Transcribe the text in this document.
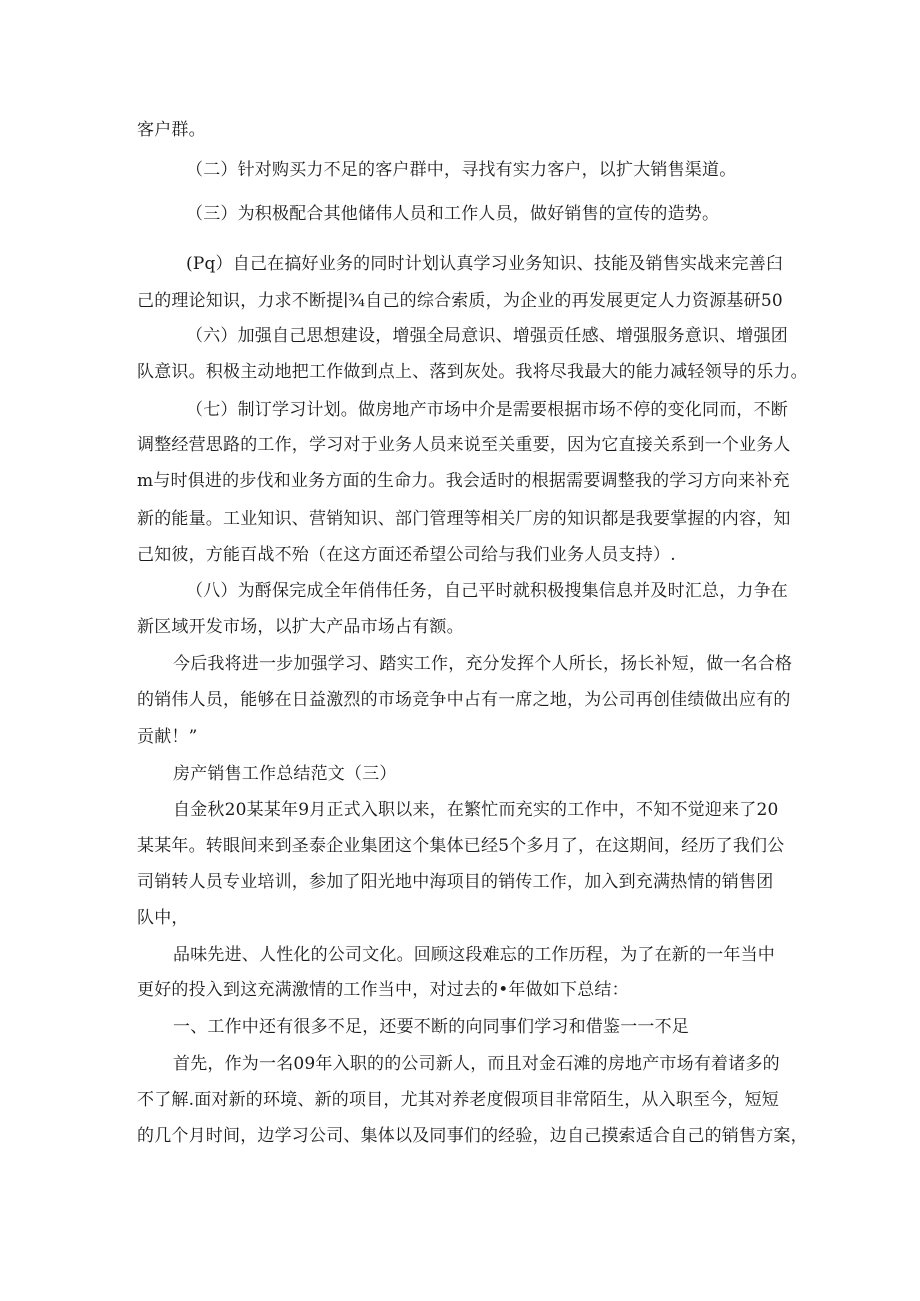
客户群。
（二）针对购买力不足的客户群中，寻找有实力客户，以扩大销售渠道。
（三）为积极配合其他储伟人员和工作人员，做好销售的宣传的造势。
(Pq）自己在搞好业务的同时计划认真学习业务知识、技能及销售实战来完善臼
己的理论知识，力求不断提∣¾自己的综合索质，为企业的再发展更定人力资源基研50
（六）加强自己思想建设，增强全局意识、增强贡任感、增强服务意识、增强团
队意识。积极主动地把工作做到点上、落到灰处。我将尽我最大的能力减轻领导的乐力。
（七）制订学习计划。做房地产市场中介是需要根据市场不停的变化同而，不断
调整经营思路的工作，学习对于业务人员来说至关重要，因为它直接关系到一个业务人
m与时俱进的步伐和业务方面的生命力。我会适时的根据需要调整我的学习方向来补充
新的能量。工业知识、营销知识、部门管理等相关厂房的知识都是我要掌握的内容，知
己知彼，方能百战不殆（在这方面还希望公司给与我们业务人员支持）.
（八）为酹保完成全年俏伟任务，自己平时就积极搜集信息并及时汇总，力争在
新区域开发市场，以扩大产品市场占有额。
今后我将进一步加强学习、踏实工作，充分发挥个人所长，扬长补短，做一名合格
的销伟人员，能够在日益激烈的市场竞争中占有一席之地，为公司再创佳绩做出应有的
贡献！”
房产销售工作总结范文（三）
自金秋20某某年9月正式入职以来，在繁忙而充实的工作中，不知不觉迎来了20
某某年。转眼间来到圣泰企业集团这个集体已经5个多月了，在这期间，经历了我们公
司销转人员专业培训，参加了阳光地中海项目的销传工作，加入到充满热情的销售团
队中，
品味先进、人性化的公司文化。回顾这段难忘的工作历程，为了在新的一年当中
更好的投入到这充满激情的工作当中，对过去的•年做如下总结：
一、工作中还有很多不足，还要不断的向同事们学习和借鉴一一不足
首先，作为一名09年入职的的公司新人，而且对金石滩的房地产市场有着诸多的
不了解.面对新的环境、新的项目，尤其对养老度假项目非常陌生，从入职至今，短短
的几个月时间，边学习公司、集体以及同事们的经验，边自己摸索适合自己的销售方案，
